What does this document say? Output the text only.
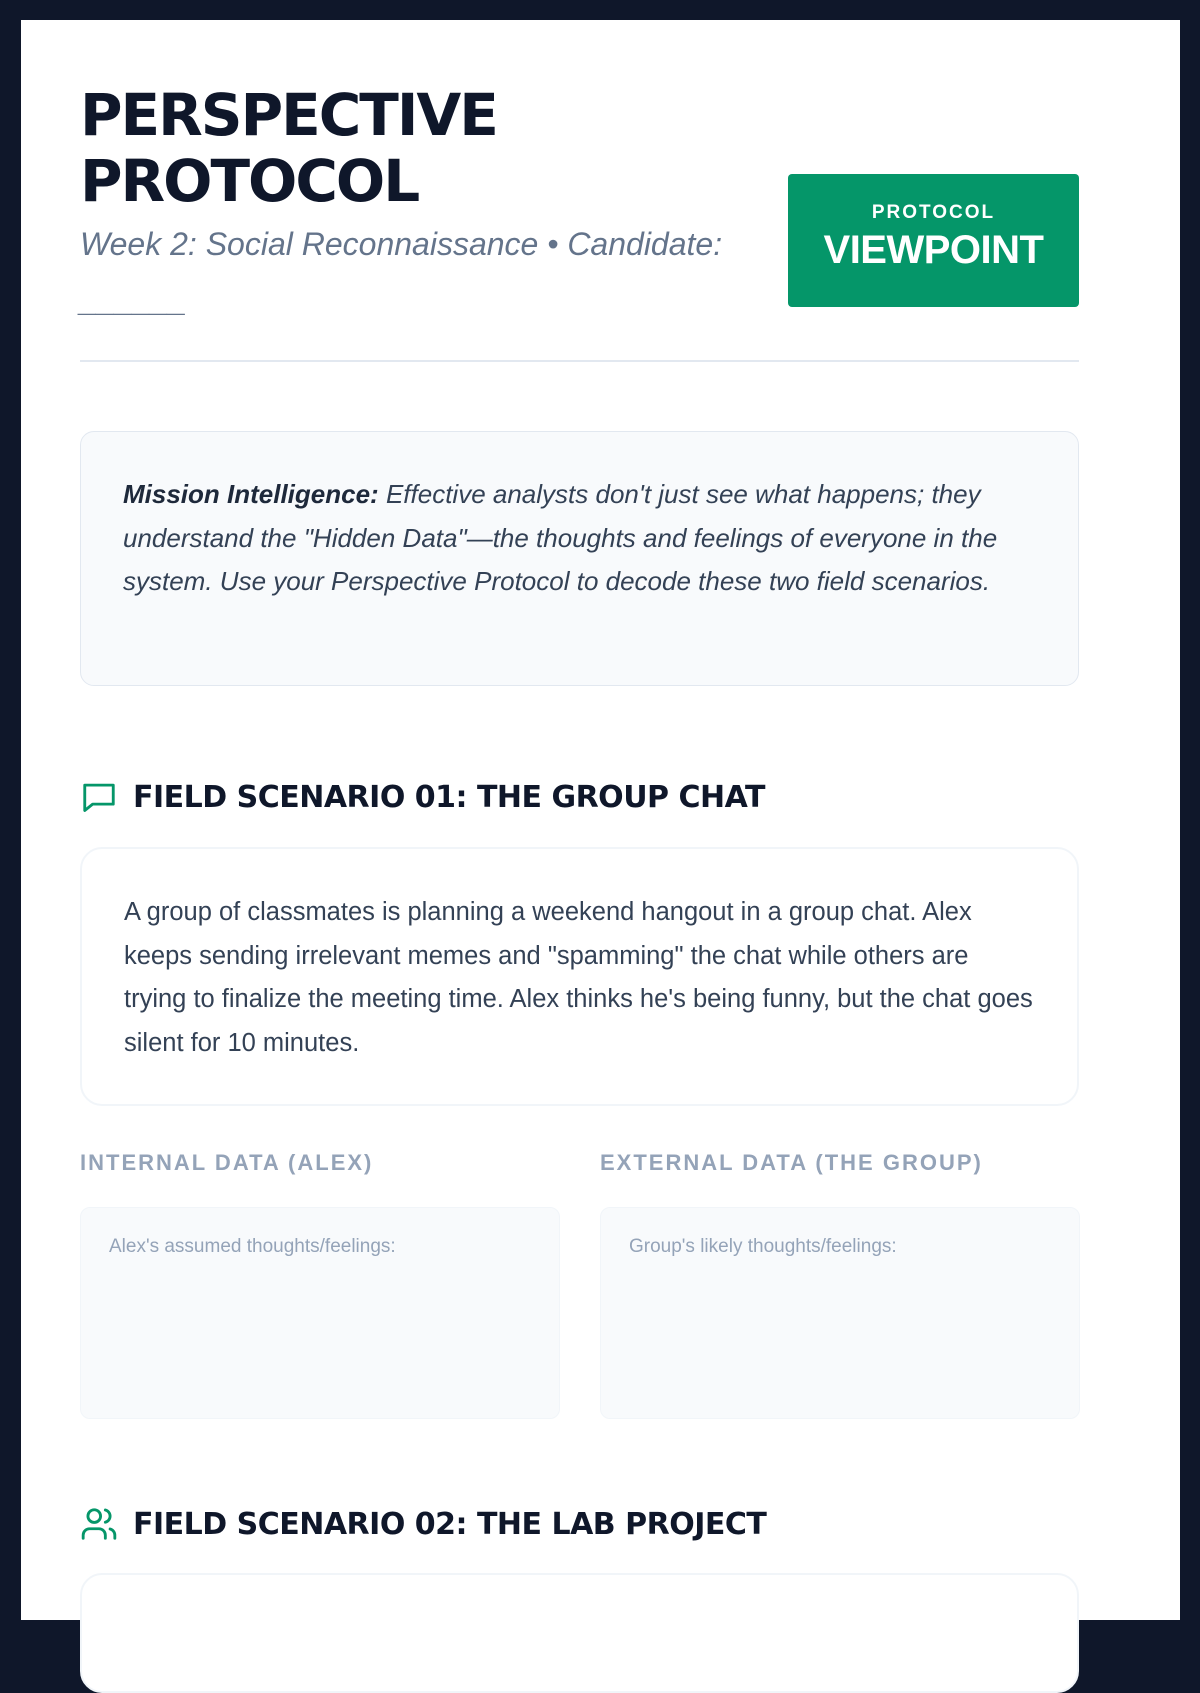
PERSPECTIVE PROTOCOL

Week 2: Social Reconnaissance • Candidate: ______

PROTOCOL
VIEWPOINT
Mission Intelligence: Effective analysts don't just see what happens; they understand the "Hidden Data"—the thoughts and feelings of everyone in the system. Use your Perspective Protocol to decode these two field scenarios.
FIELD SCENARIO 01: THE GROUP CHAT
A group of classmates is planning a weekend hangout in a group chat. Alex keeps sending irrelevant memes and "spamming" the chat while others are trying to finalize the meeting time. Alex thinks he's being funny, but the chat goes silent for 10 minutes.
INTERNAL DATA (ALEX)	EXTERNAL DATA (THE GROUP)
Alex's assumed thoughts/feelings:	Group's likely thoughts/feelings:
FIELD SCENARIO 02: THE LAB PROJECT
